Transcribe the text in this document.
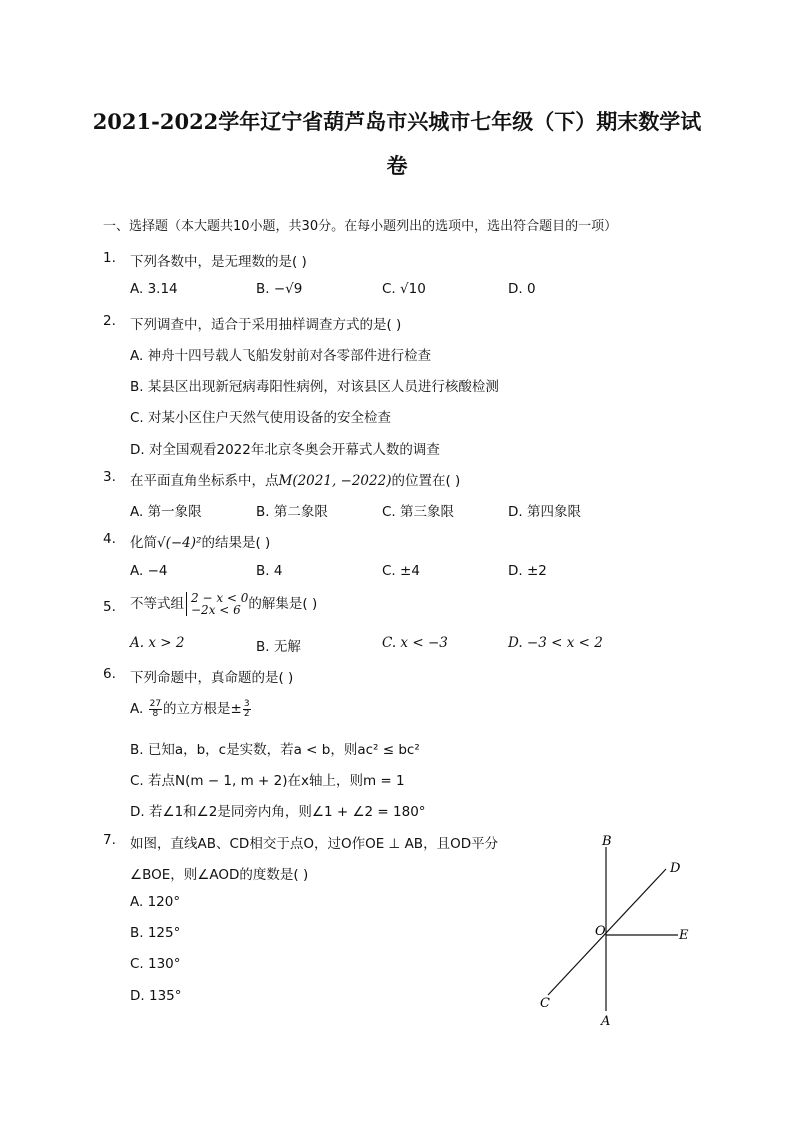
2021-2022学年辽宁省葫芦岛市兴城市七年级（下）期末数学试
卷
一、选择题（本大题共10小题，共30分。在每小题列出的选项中，选出符合题目的一项）
1. 下列各数中，是无理数的是( )
A. 3.14	B. −√9	C. √10	D. 0
2. 下列调查中，适合于采用抽样调查方式的是( )
A. 神舟十四号载人飞船发射前对各零部件进行检查
B. 某县区出现新冠病毒阳性病例，对该县区人员进行核酸检测
C. 对某小区住户天然气使用设备的安全检查
D. 对全国观看2022年北京冬奥会开幕式人数的调查
3. 在平面直角坐标系中，点M(2021, −2022)的位置在( )
A. 第一象限	B. 第二象限	C. 第三象限	D. 第四象限
4. 化简√(−4)²的结果是( )
A. −4	B. 4	C. ±4	D. ±2
5. 不等式组 2 − x < 0
−2x < 6 的解集是( )
A. x > 2	B. 无解	C. x < −3	D. −3 < x < 2
6. 下列命题中，真命题的是( )
A. $\frac{27}{8}$ 的立方根是± $\frac{3}{2}$
B. 已知a，b，c是实数，若a < b，则ac² ≤ bc²
C. 若点N(m − 1, m + 2)在x轴上，则m = 1
D. 若∠1和∠2是同旁内角，则∠1 + ∠2 = 180°
7. 如图，直线AB、CD相交于点O，过O作OE ⊥ AB，且OD平分
∠BOE，则∠AOD的度数是( )
A. 120°
B. 125°
C. 130°
D. 135°
B
D
O	E
C
A
